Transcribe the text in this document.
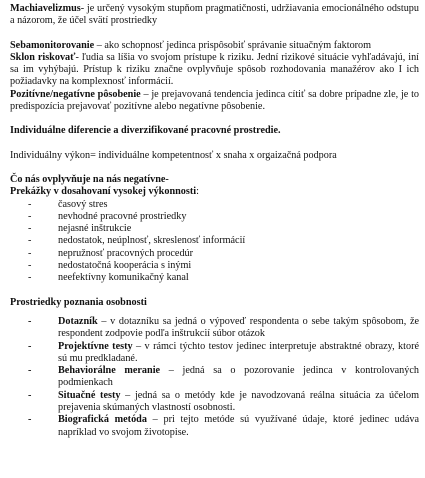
Machiavelizmus- je určený vysokým stupňom pragmatičnosti, udržiavania emocionálného odstupu a názorom, že účel svätí prostriedky

Sebamonitorovanie – ako schopnosť jedinca prispôsobiť správanie situačným faktorom
Sklon riskovať- ľudia sa líšia vo svojom prístupe k riziku. Jední rizikové situácie vyhľadávajú, iní sa im vyhýbajú. Prístup k riziku značne ovplyvňuje spôsob rozhodovania manažérov ako I ich požiadavky na komplexnosť informácií.
Pozitívne/negatívne pôsobenie – je prejavovaná tendencia jedinca cítiť sa dobre prípadne zle, je to predispozícia prejavovať pozitívne alebo negatívne pôsobenie.

Individuálne diferencie a diverzifikované pracovné prostredie.

Individuálny výkon= individuálne kompetentnosť x snaha x orgaizačná podpora

Čo nás ovplyvňuje na nás negatívne-

Prekážky v dosahovaní vysokej výkonnosti:

- časový stres
- nevhodné pracovné prostriedky
- nejasné inštrukcie
- nedostatok, neúplnosť, skreslenosť informácií
- nepružnosť pracovných procedúr
- nedostatočná kooperácia s inými
- neefektívny komunikačný kanal

Prostriedky poznania osobnosti

- Dotazník – v dotazníku sa jedná o výpoveď respondenta o sebe takým spôsobom, že respondent zodpovie podľa inštrukcií súbor otázok
- Projektívne testy – v rámci týchto testov jedinec interpretuje abstraktné obrazy, ktoré sú mu predkladané.
- Behaviorálne meranie – jedná sa o pozorovanie jedinca v kontrolovaných podmienkach
- Situačné testy – jedná sa o metódy kde je navodzovaná reálna situácia za účelom prejavenia skúmaných vlastností osobnosti.
- Biografická metóda – pri tejto metóde sú využívané údaje, ktoré jedinec udáva napríklad vo svojom životopise.
